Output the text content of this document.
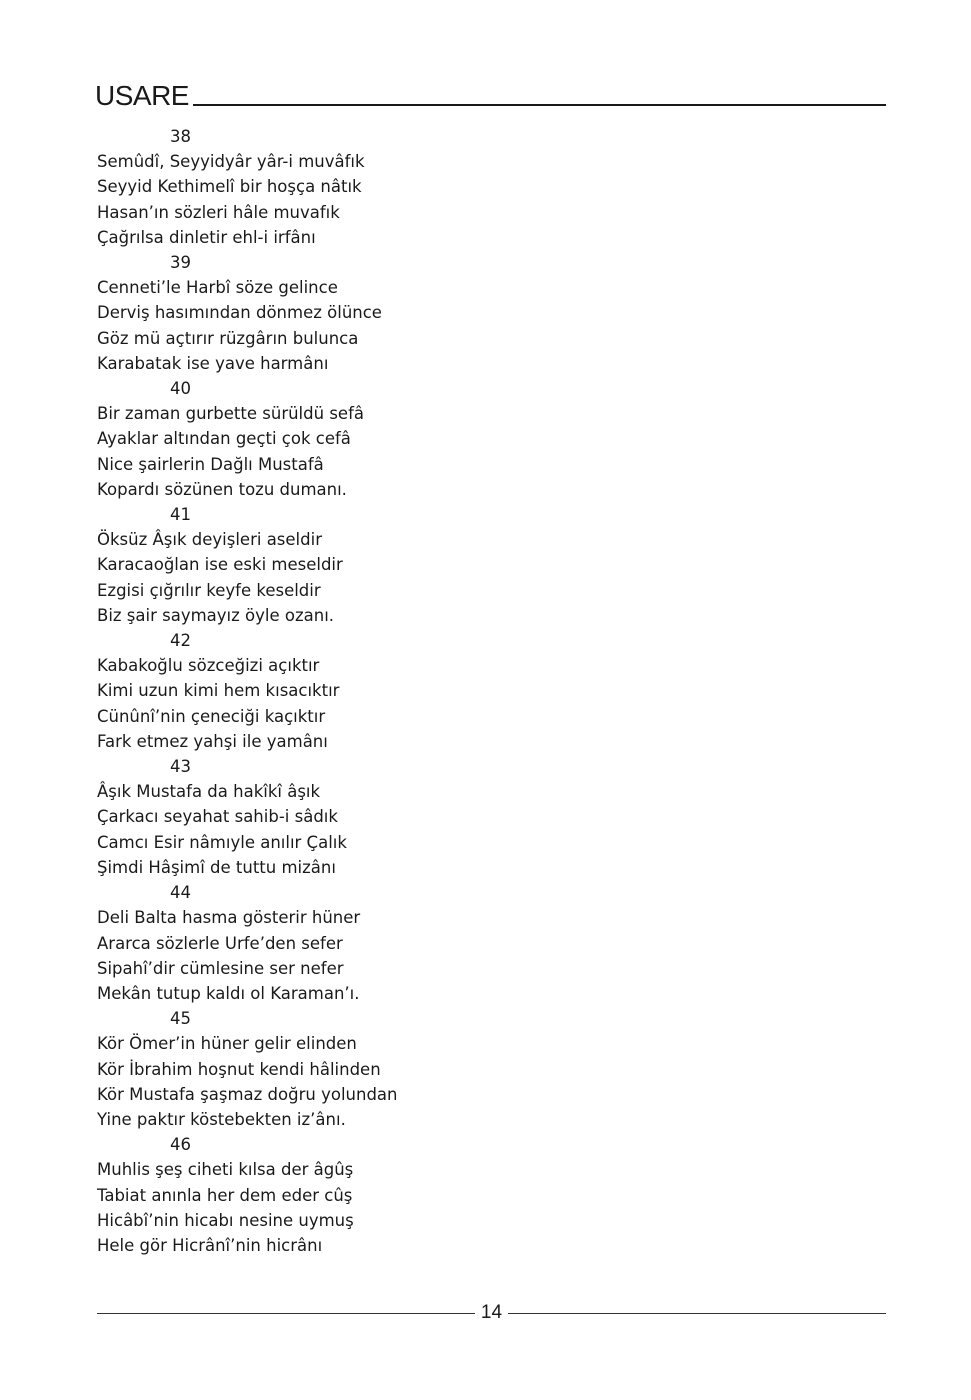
USARE
38
Semûdî, Seyyidyâr yâr-i muvâfık
Seyyid Kethimelî bir hoşça nâtık
Hasan’ın sözleri hâle muvafık
Çağrılsa dinletir ehl-i irfânı
39
Cenneti’le Harbî söze gelince
Derviş hasımından dönmez ölünce
Göz mü açtırır rüzgârın bulunca
Karabatak ise yave harmânı
40
Bir zaman gurbette sürüldü sefâ
Ayaklar altından geçti çok cefâ
Nice şairlerin Dağlı Mustafâ
Kopardı sözünen tozu dumanı.
41
Öksüz Âşık deyişleri aseldir
Karacaoğlan ise eski meseldir
Ezgisi çığrılır keyfe keseldir
Biz şair saymayız öyle ozanı.
42
Kabakoğlu sözceğizi açıktır
Kimi uzun kimi hem kısacıktır
Cünûnî’nin çeneciği kaçıktır
Fark etmez yahşi ile yamânı
43
Âşık Mustafa da hakîkî âşık
Çarkacı seyahat sahib-i sâdık
Camcı Esir nâmıyle anılır Çalık
Şimdi Hâşimî de tuttu mizânı
44
Deli Balta hasma gösterir hüner
Ararca sözlerle Urfe’den sefer
Sipahî’dir cümlesine ser nefer
Mekân tutup kaldı ol Karaman’ı.
45
Kör Ömer’in hüner gelir elinden
Kör İbrahim hoşnut kendi hâlinden
Kör Mustafa şaşmaz doğru yolundan
Yine paktır köstebekten iz’ânı.
46
Muhlis şeş ciheti kılsa der âgûş
Tabiat anınla her dem eder cûş
Hicâbî’nin hicabı nesine uymuş
Hele gör Hicrânî’nin hicrânı
14
